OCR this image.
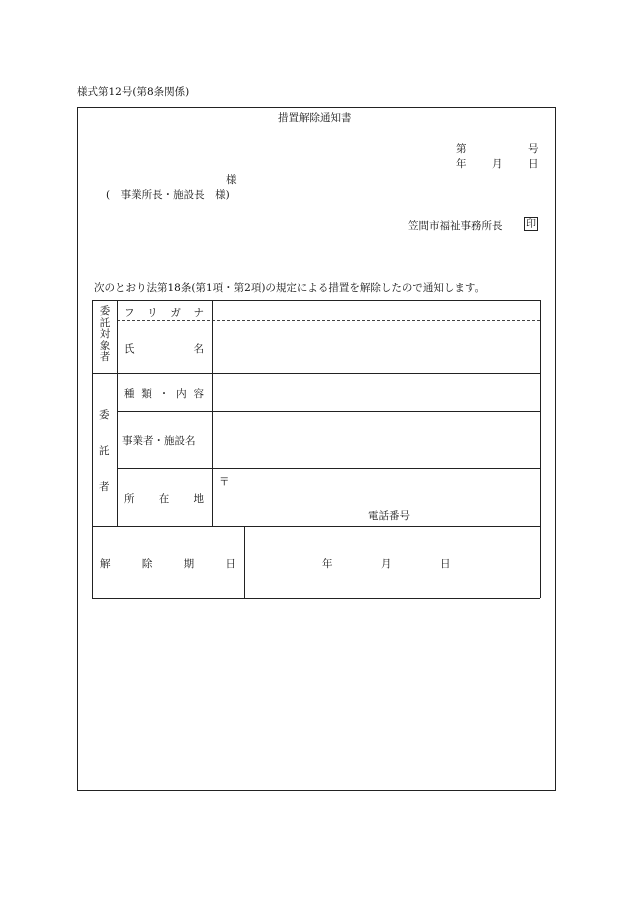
様式第12号(第8条関係)
措置解除通知書
第	号
年 月 日
様
(　事業所長・施設長　様)
笠間市福祉事務所長 印
次のとおり法第18条(第1項・第2項)の規定による措置を解除したので通知します。
委
託
対
象
者
フ リ ガ ナ
氏	名
委
託
者
種 類 ・ 内 容
事業者・施設名
所 在 地
〒
電話番号
解	除	期	日	年	月	日
